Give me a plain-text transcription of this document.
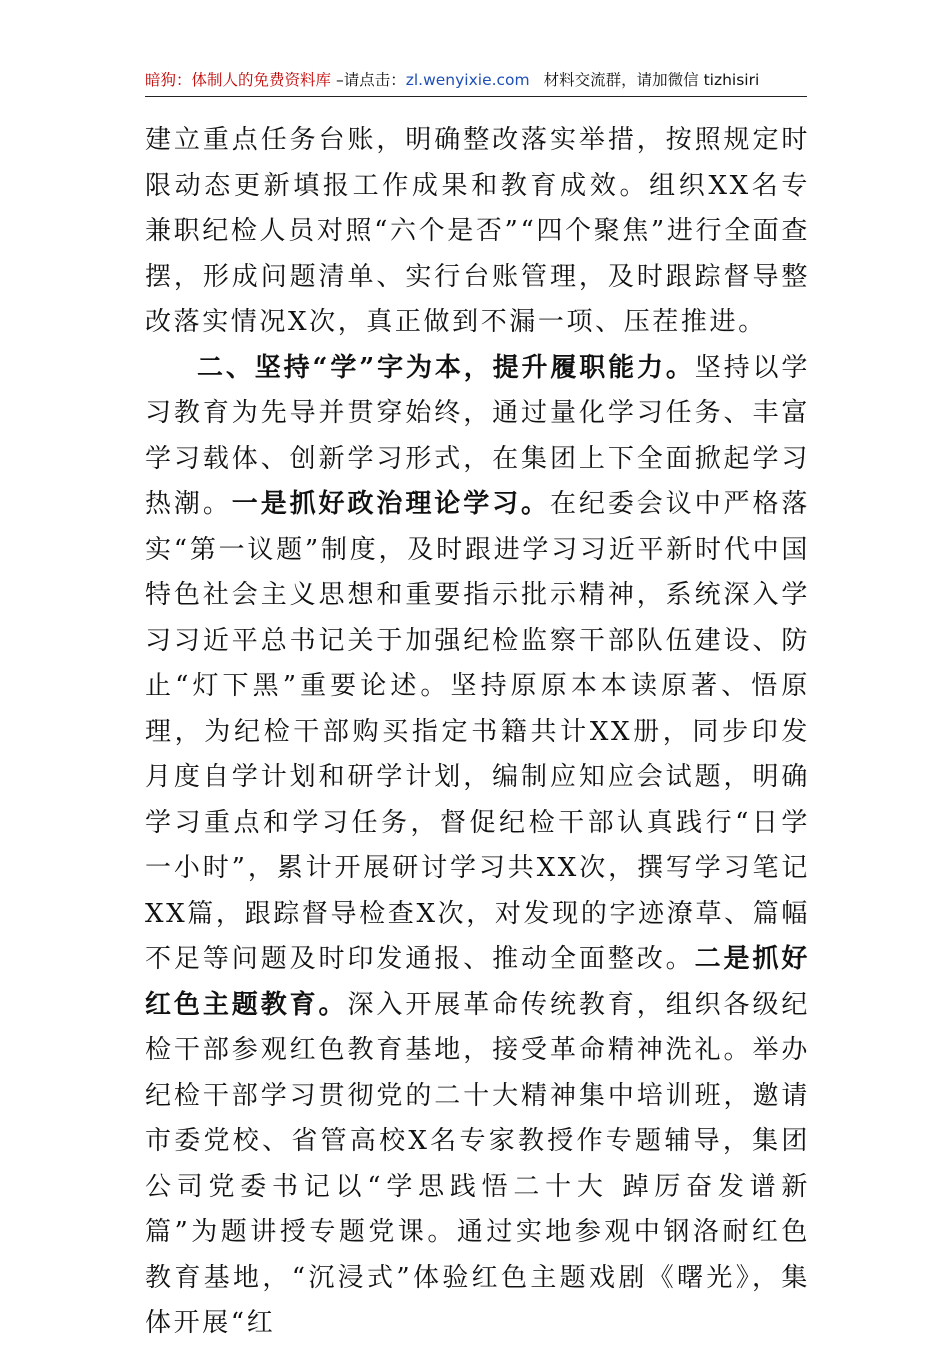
暗狗：体制人的免费资料库 –请点击：zl.wenyixie.com 材料交流群，请加微信 tizhisiri

建立重点任务台账，明确整改落实举措，按照规定时限动态更新填报工作成果和教育成效。组织XX名专兼职纪检人员对照“六个是否”“四个聚焦”进行全面查摆，形成问题清单、实行台账管理，及时跟踪督导整改落实情况X次，真正做到不漏一项、压茬推进。

二、坚持“学”字为本，提升履职能力。坚持以学习教育为先导并贯穿始终，通过量化学习任务、丰富学习载体、创新学习形式，在集团上下全面掀起学习热潮。一是抓好政治理论学习。在纪委会议中严格落实“第一议题”制度，及时跟进学习习近平新时代中国特色社会主义思想和重要指示批示精神，系统深入学习习近平总书记关于加强纪检监察干部队伍建设、防止“灯下黑”重要论述。坚持原原本本读原著、悟原理，为纪检干部购买指定书籍共计XX册，同步印发月度自学计划和研学计划，编制应知应会试题，明确学习重点和学习任务，督促纪检干部认真践行“日学一小时”，累计开展研讨学习共XX次，撰写学习笔记XX篇，跟踪督导检查X次，对发现的字迹潦草、篇幅不足等问题及时印发通报、推动全面整改。二是抓好红色主题教育。深入开展革命传统教育，组织各级纪检干部参观红色教育基地，接受革命精神洗礼。举办纪检干部学习贯彻党的二十大精神集中培训班，邀请市委党校、省管高校X名专家教授作专题辅导，集团公司党委书记以“学思践悟二十大 踔厉奋发谱新篇”为题讲授专题党课。通过实地参观中钢洛耐红色教育基地，“沉浸式”体验红色主题戏剧《曙光》，集体开展“红
